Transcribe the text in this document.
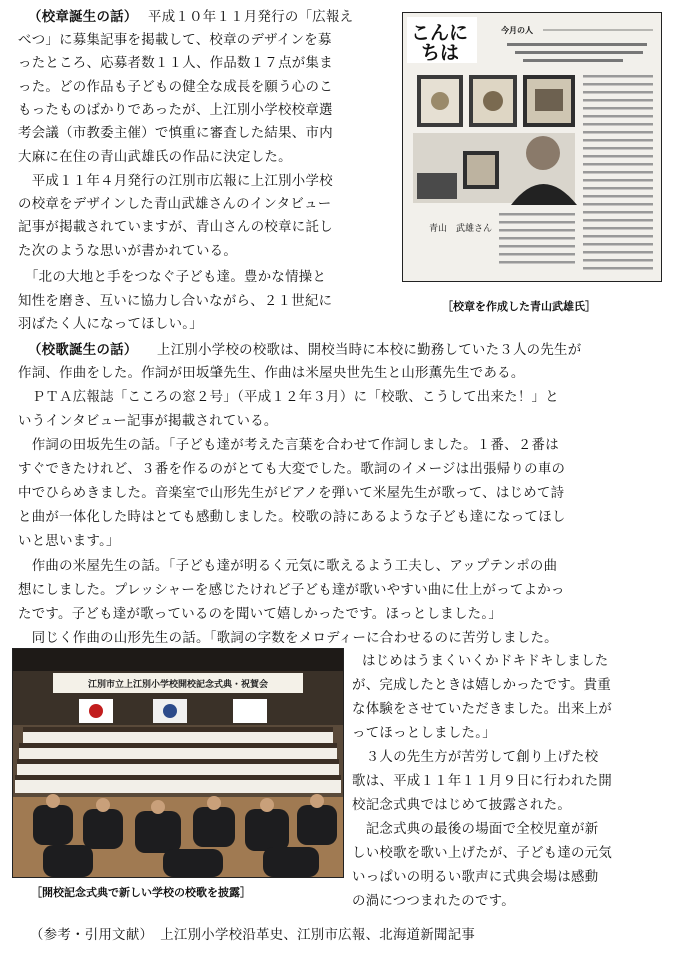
（校章誕生の話） 平成１０年１１月発行の「広報え
べつ」に募集記事を掲載して、校章のデザインを募
ったところ、応募者数１１人、作品数１７点が集ま
った。どの作品も子どもの健全な成長を願う心のこ
もったものばかりであったが、上江別小学校校章選
考会議（市教委主催）で慎重に審査した結果、市内
大麻に在住の青山武雄氏の作品に決定した。
　平成１１年４月発行の江別市広報に上江別小学校
の校章をデザインした青山武雄さんのインタビュー
記事が掲載されていますが、青山さんの校章に託し
た次のような思いが書かれている。
　「北の大地と手をつなぐ子ども達。豊かな情操と
知性を磨き、互いに協力し合いながら、２１世紀に
羽ばたく人になってほしい。」
こんに
ちは
今月の人
青山　武雄さん
［校章を作成した青山武雄氏］
（校歌誕生の話） 上江別小学校の校歌は、開校当時に本校に勤務していた３人の先生が
作詞、作曲をした。作詞が田坂肇先生、作曲は米屋央世先生と山形薫先生である。
　ＰＴＡ広報誌「こころの窓２号」（平成１２年３月）に「校歌、こうして出来た！」と
いうインタビュー記事が掲載されている。
　作詞の田坂先生の話。「子ども達が考えた言葉を合わせて作詞しました。１番、２番は
すぐできたけれど、３番を作るのがとても大変でした。歌詞のイメージは出張帰りの車の
中でひらめきました。音楽室で山形先生がピアノを弾いて米屋先生が歌って、はじめて詩
と曲が一体化した時はとても感動しました。校歌の詩にあるような子ども達になってほし
いと思います。」
　作曲の米屋先生の話。「子ども達が明るく元気に歌えるよう工夫し、アップテンポの曲
想にしました。プレッシャーを感じたけれど子ども達が歌いやすい曲に仕上がってよかっ
たです。子ども達が歌っているのを聞いて嬉しかったです。ほっとしました。」
　同じく作曲の山形先生の話。「歌詞の字数をメロディーに合わせるのに苦労しました。
はじめはうまくいくかドキドキしました
が、完成したときは嬉しかったです。貴重
な体験をさせていただきました。出来上が
ってほっとしました。」
　３人の先生方が苦労して創り上げた校
歌は、平成１１年１１月９日に行われた開
校記念式典ではじめて披露された。
　記念式典の最後の場面で全校児童が新
しい校歌を歌い上げたが、子ども達の元気
いっぱいの明るい歌声に式典会場は感動
の渦につつまれたのです。
江別市立上江別小学校開校記念式典・祝賀会
［開校記念式典で新しい学校の校歌を披露］
（参考・引用文献）　上江別小学校沿革史、江別市広報、北海道新聞記事
